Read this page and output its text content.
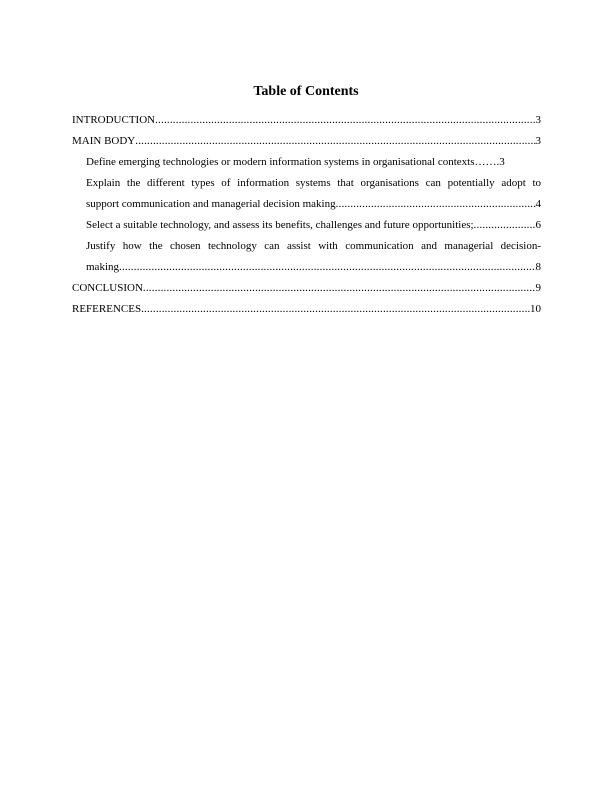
Table of Contents
INTRODUCTION .....	3
MAIN BODY .....	3
Define emerging technologies or modern information systems in organisational contexts……. 3
Explain the different types of information systems that organisations can potentially adopt to
support communication and managerial decision making .....	4
Select a suitable technology, and assess its benefits, challenges and future opportunities; .....	6
Justify how the chosen technology can assist with communication and managerial decision-
making .....	8
CONCLUSION .....	9
REFERENCES .....	10
